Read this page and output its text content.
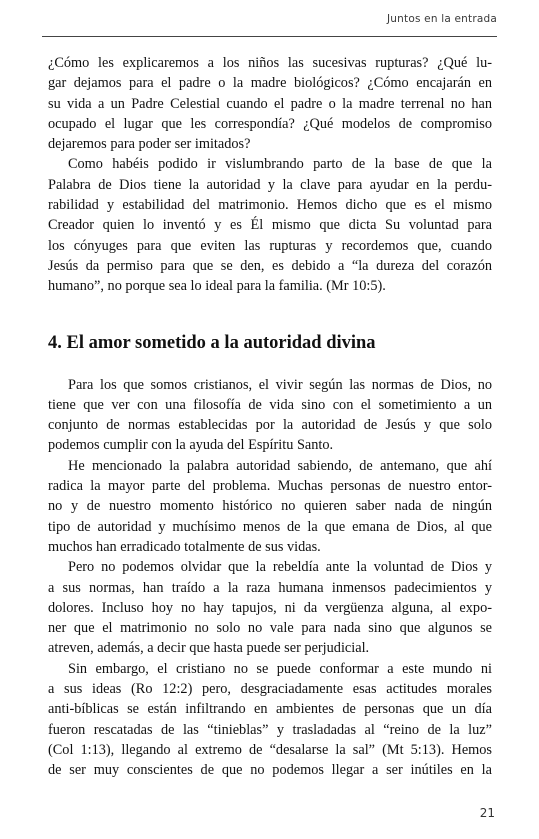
Juntos en la entrada
¿Cómo les explicaremos a los niños las sucesivas rupturas? ¿Qué lu-
gar dejamos para el padre o la madre biológicos? ¿Cómo encajarán en
su vida a un Padre Celestial cuando el padre o la madre terrenal no han
ocupado el lugar que les correspondía? ¿Qué modelos de compromiso
dejaremos para poder ser imitados?
Como habéis podido ir vislumbrando parto de la base de que la
Palabra de Dios tiene la autoridad y la clave para ayudar en la perdu-
rabilidad y estabilidad del matrimonio. Hemos dicho que es el mismo
Creador quien lo inventó y es Él mismo que dicta Su voluntad para
los cónyuges para que eviten las rupturas y recordemos que, cuando
Jesús da permiso para que se den, es debido a “la dureza del corazón
humano”, no porque sea lo ideal para la familia. (Mr 10:5).
4. El amor sometido a la autoridad divina
Para los que somos cristianos, el vivir según las normas de Dios, no
tiene que ver con una filosofía de vida sino con el sometimiento a un
conjunto de normas establecidas por la autoridad de Jesús y que solo
podemos cumplir con la ayuda del Espíritu Santo.
He mencionado la palabra autoridad sabiendo, de antemano, que ahí
radica la mayor parte del problema. Muchas personas de nuestro entor-
no y de nuestro momento histórico no quieren saber nada de ningún
tipo de autoridad y muchísimo menos de la que emana de Dios, al que
muchos han erradicado totalmente de sus vidas.
Pero no podemos olvidar que la rebeldía ante la voluntad de Dios y
a sus normas, han traído a la raza humana inmensos padecimientos y
dolores. Incluso hoy no hay tapujos, ni da vergüenza alguna, al expo-
ner que el matrimonio no solo no vale para nada sino que algunos se
atreven, además, a decir que hasta puede ser perjudicial.
Sin embargo, el cristiano no se puede conformar a este mundo ni
a sus ideas (Ro 12:2) pero, desgraciadamente esas actitudes morales
anti-bíblicas se están infiltrando en ambientes de personas que un día
fueron rescatadas de las “tinieblas” y trasladadas al “reino de la luz”
(Col 1:13), llegando al extremo de “desalarse la sal” (Mt 5:13). Hemos
de ser muy conscientes de que no podemos llegar a ser inútiles en la
21
